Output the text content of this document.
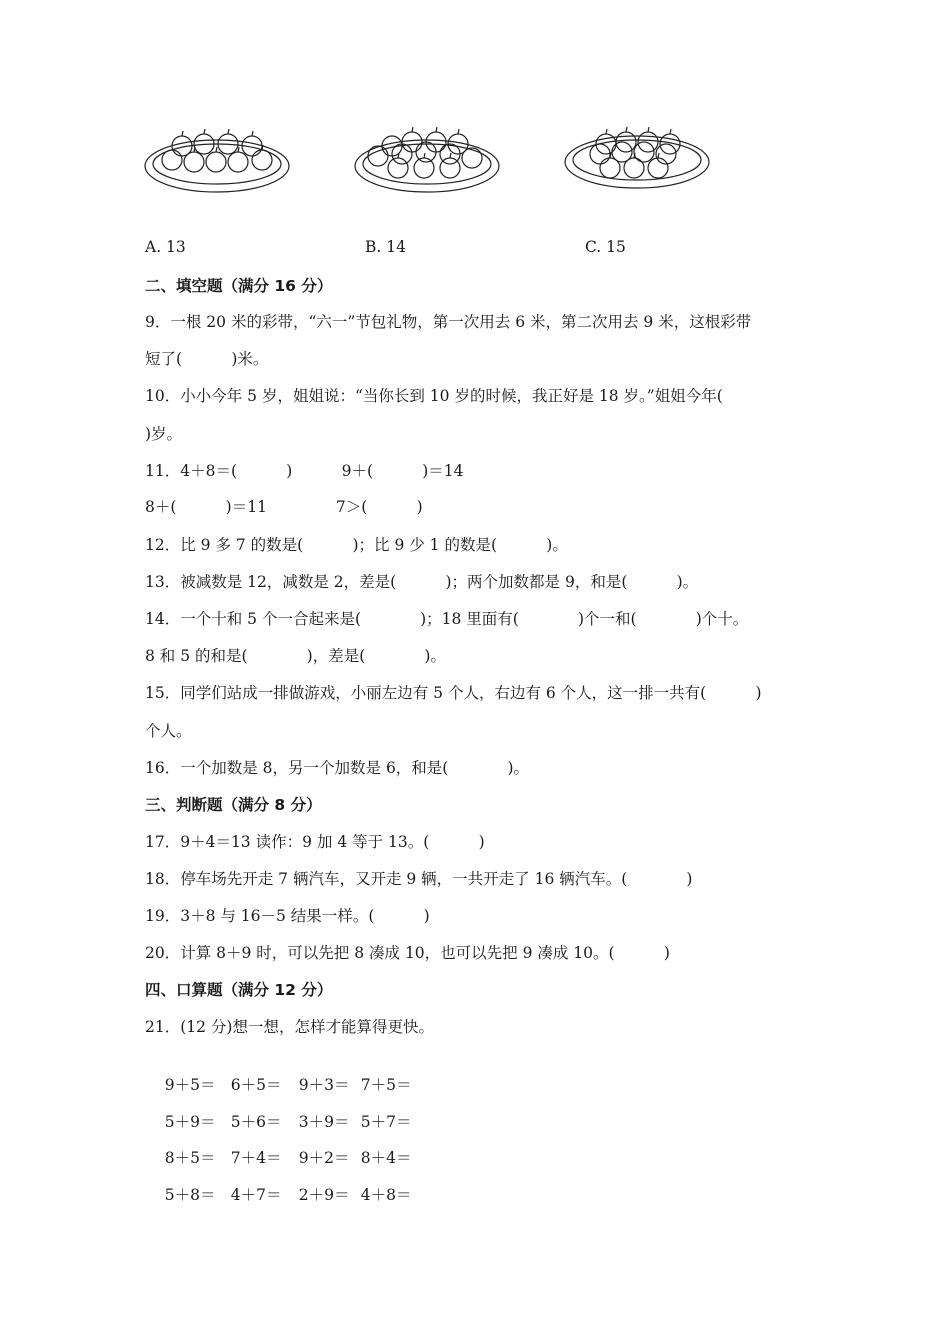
A. 13	B. 14	C. 15
二、填空题（满分 16 分）
9．一根 20 米的彩带，“六一”节包礼物，第一次用去 6 米，第二次用去 9 米，这根彩带
短了(          )米。
10．小小今年 5 岁，姐姐说：“当你长到 10 岁的时候，我正好是 18 岁。”姐姐今年(
)岁。
11．4＋8＝(          )          9＋(          )＝14
8＋(          )＝11              7＞(          )
12．比 9 多 7 的数是(          )；比 9 少 1 的数是(          )。
13．被减数是 12，减数是 2，差是(          )；两个加数都是 9，和是(          )。
14．一个十和 5 个一合起来是(            )；18 里面有(            )个一和(            )个十。
8 和 5 的和是(            )，差是(            )。
15．同学们站成一排做游戏，小丽左边有 5 个人，右边有 6 个人，这一排一共有(          )
个人。
16．一个加数是 8，另一个加数是 6，和是(            )。
三、判断题（满分 8 分）
17．9＋4＝13 读作：9 加 4 等于 13。(          )
18．停车场先开走 7 辆汽车，又开走 9 辆，一共开走了 16 辆汽车。(            )
19．3＋8 与 16－5 结果一样。(          )
20．计算 8＋9 时，可以先把 8 凑成 10，也可以先把 9 凑成 10。(          )
四、口算题（满分 12 分）
21．(12 分)想一想，怎样才能算得更快。

9＋5＝ 6＋5＝ 9＋3＝ 7＋5＝

5＋9＝ 5＋6＝ 3＋9＝ 5＋7＝

8＋5＝ 7＋4＝ 9＋2＝ 8＋4＝

5＋8＝ 4＋7＝ 2＋9＝ 4＋8＝
